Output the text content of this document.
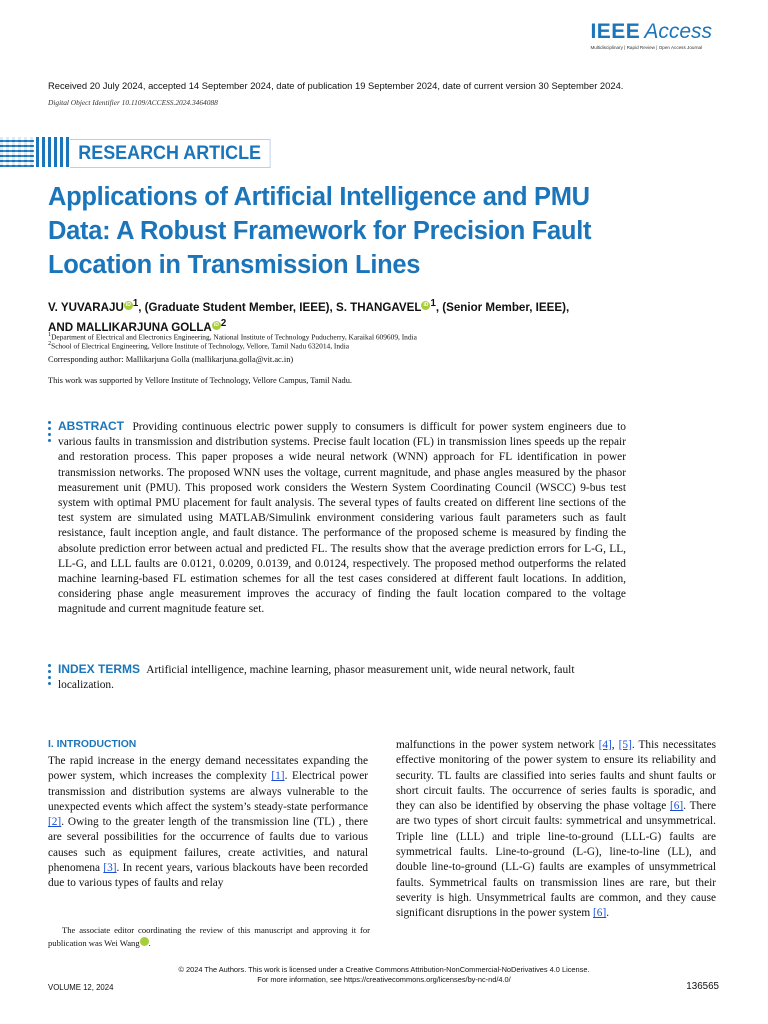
IEEE Access
Multidisciplinary | Rapid Review | Open Access Journal
Received 20 July 2024, accepted 14 September 2024, date of publication 19 September 2024, date of current version 30 September 2024.
Digital Object Identifier 10.1109/ACCESS.2024.3464088
RESEARCH ARTICLE
Applications of Artificial Intelligence and PMU Data: A Robust Framework for Precision Fault Location in Transmission Lines
V. YUVARAJU iD $^1$, (Graduate Student Member, IEEE), S. THANGAVEL iD $^1$, (Senior Member, IEEE),
AND MALLIKARJUNA GOLLA iD $^2$
$^1$Department of Electrical and Electronics Engineering, National Institute of Technology Puducherry, Karaikal 609609, India
$^2$School of Electrical Engineering, Vellore Institute of Technology, Vellore, Tamil Nadu 632014, India
Corresponding author: Mallikarjuna Golla (mallikarjuna.golla@vit.ac.in)
This work was supported by Vellore Institute of Technology, Vellore Campus, Tamil Nadu.
ABSTRACT Providing continuous electric power supply to consumers is difficult for power system engineers due to various faults in transmission and distribution systems. Precise fault location (FL) in transmission lines speeds up the repair and restoration process. This paper proposes a wide neural network (WNN) approach for FL identification in power transmission networks. The proposed WNN uses the voltage, current magnitude, and phase angles measured by the phasor measurement unit (PMU). This proposed work considers the Western System Coordinating Council (WSCC) 9-bus test system with optimal PMU placement for fault analysis. The several types of faults created on different line sections of the test system are simulated using MATLAB/Simulink environment considering various fault parameters such as fault resistance, fault inception angle, and fault distance. The performance of the proposed scheme is measured by finding the absolute prediction error between actual and predicted FL. The results show that the average prediction errors for L-G, LL, LL-G, and LLL faults are 0.0121, 0.0209, 0.0139, and 0.0124, respectively. The proposed method outperforms the related machine learning-based FL estimation schemes for all the test cases considered at different fault locations. In addition, considering phase angle measurement improves the accuracy of finding the fault location compared to the voltage magnitude and current magnitude feature set.
INDEX TERMS Artificial intelligence, machine learning, phasor measurement unit, wide neural network, fault localization.
I. INTRODUCTION
The rapid increase in the energy demand necessitates expanding the power system, which increases the complexity [1]. Electrical power transmission and distribution systems are always vulnerable to the unexpected events which affect the system’s steady-state performance [2]. Owing to the greater length of the transmission line (TL) , there are several possibilities for the occurrence of faults due to various causes such as equipment failures, create activities, and natural phenomena [3]. In recent years, various blackouts have been recorded due to various types of faults and relay
malfunctions in the power system network [4], [5]. This necessitates effective monitoring of the power system to ensure its reliability and security. TL faults are classified into series faults and shunt faults or short circuit faults. The occurrence of series faults is sporadic, and they can also be identified by observing the phase voltage [6]. There are two types of short circuit faults: symmetrical and unsymmetrical. Triple line (LLL) and triple line-to-ground (LLL-G) faults are symmetrical faults. Line-to-ground (L-G), line-to-line (LL), and double line-to-ground (LL-G) faults are examples of unsymmetrical faults. Symmetrical faults on transmission lines are rare, but their severity is high. Unsymmetrical faults are common, and they cause significant disruptions in the power system [6].
The associate editor coordinating the review of this manuscript and approving it for publication was Wei Wang	iD.
© 2024 The Authors. This work is licensed under a Creative Commons Attribution-NonCommercial-NoDerivatives 4.0 License.
For more information, see https://creativecommons.org/licenses/by-nc-nd/4.0/
VOLUME 12, 2024	136565
